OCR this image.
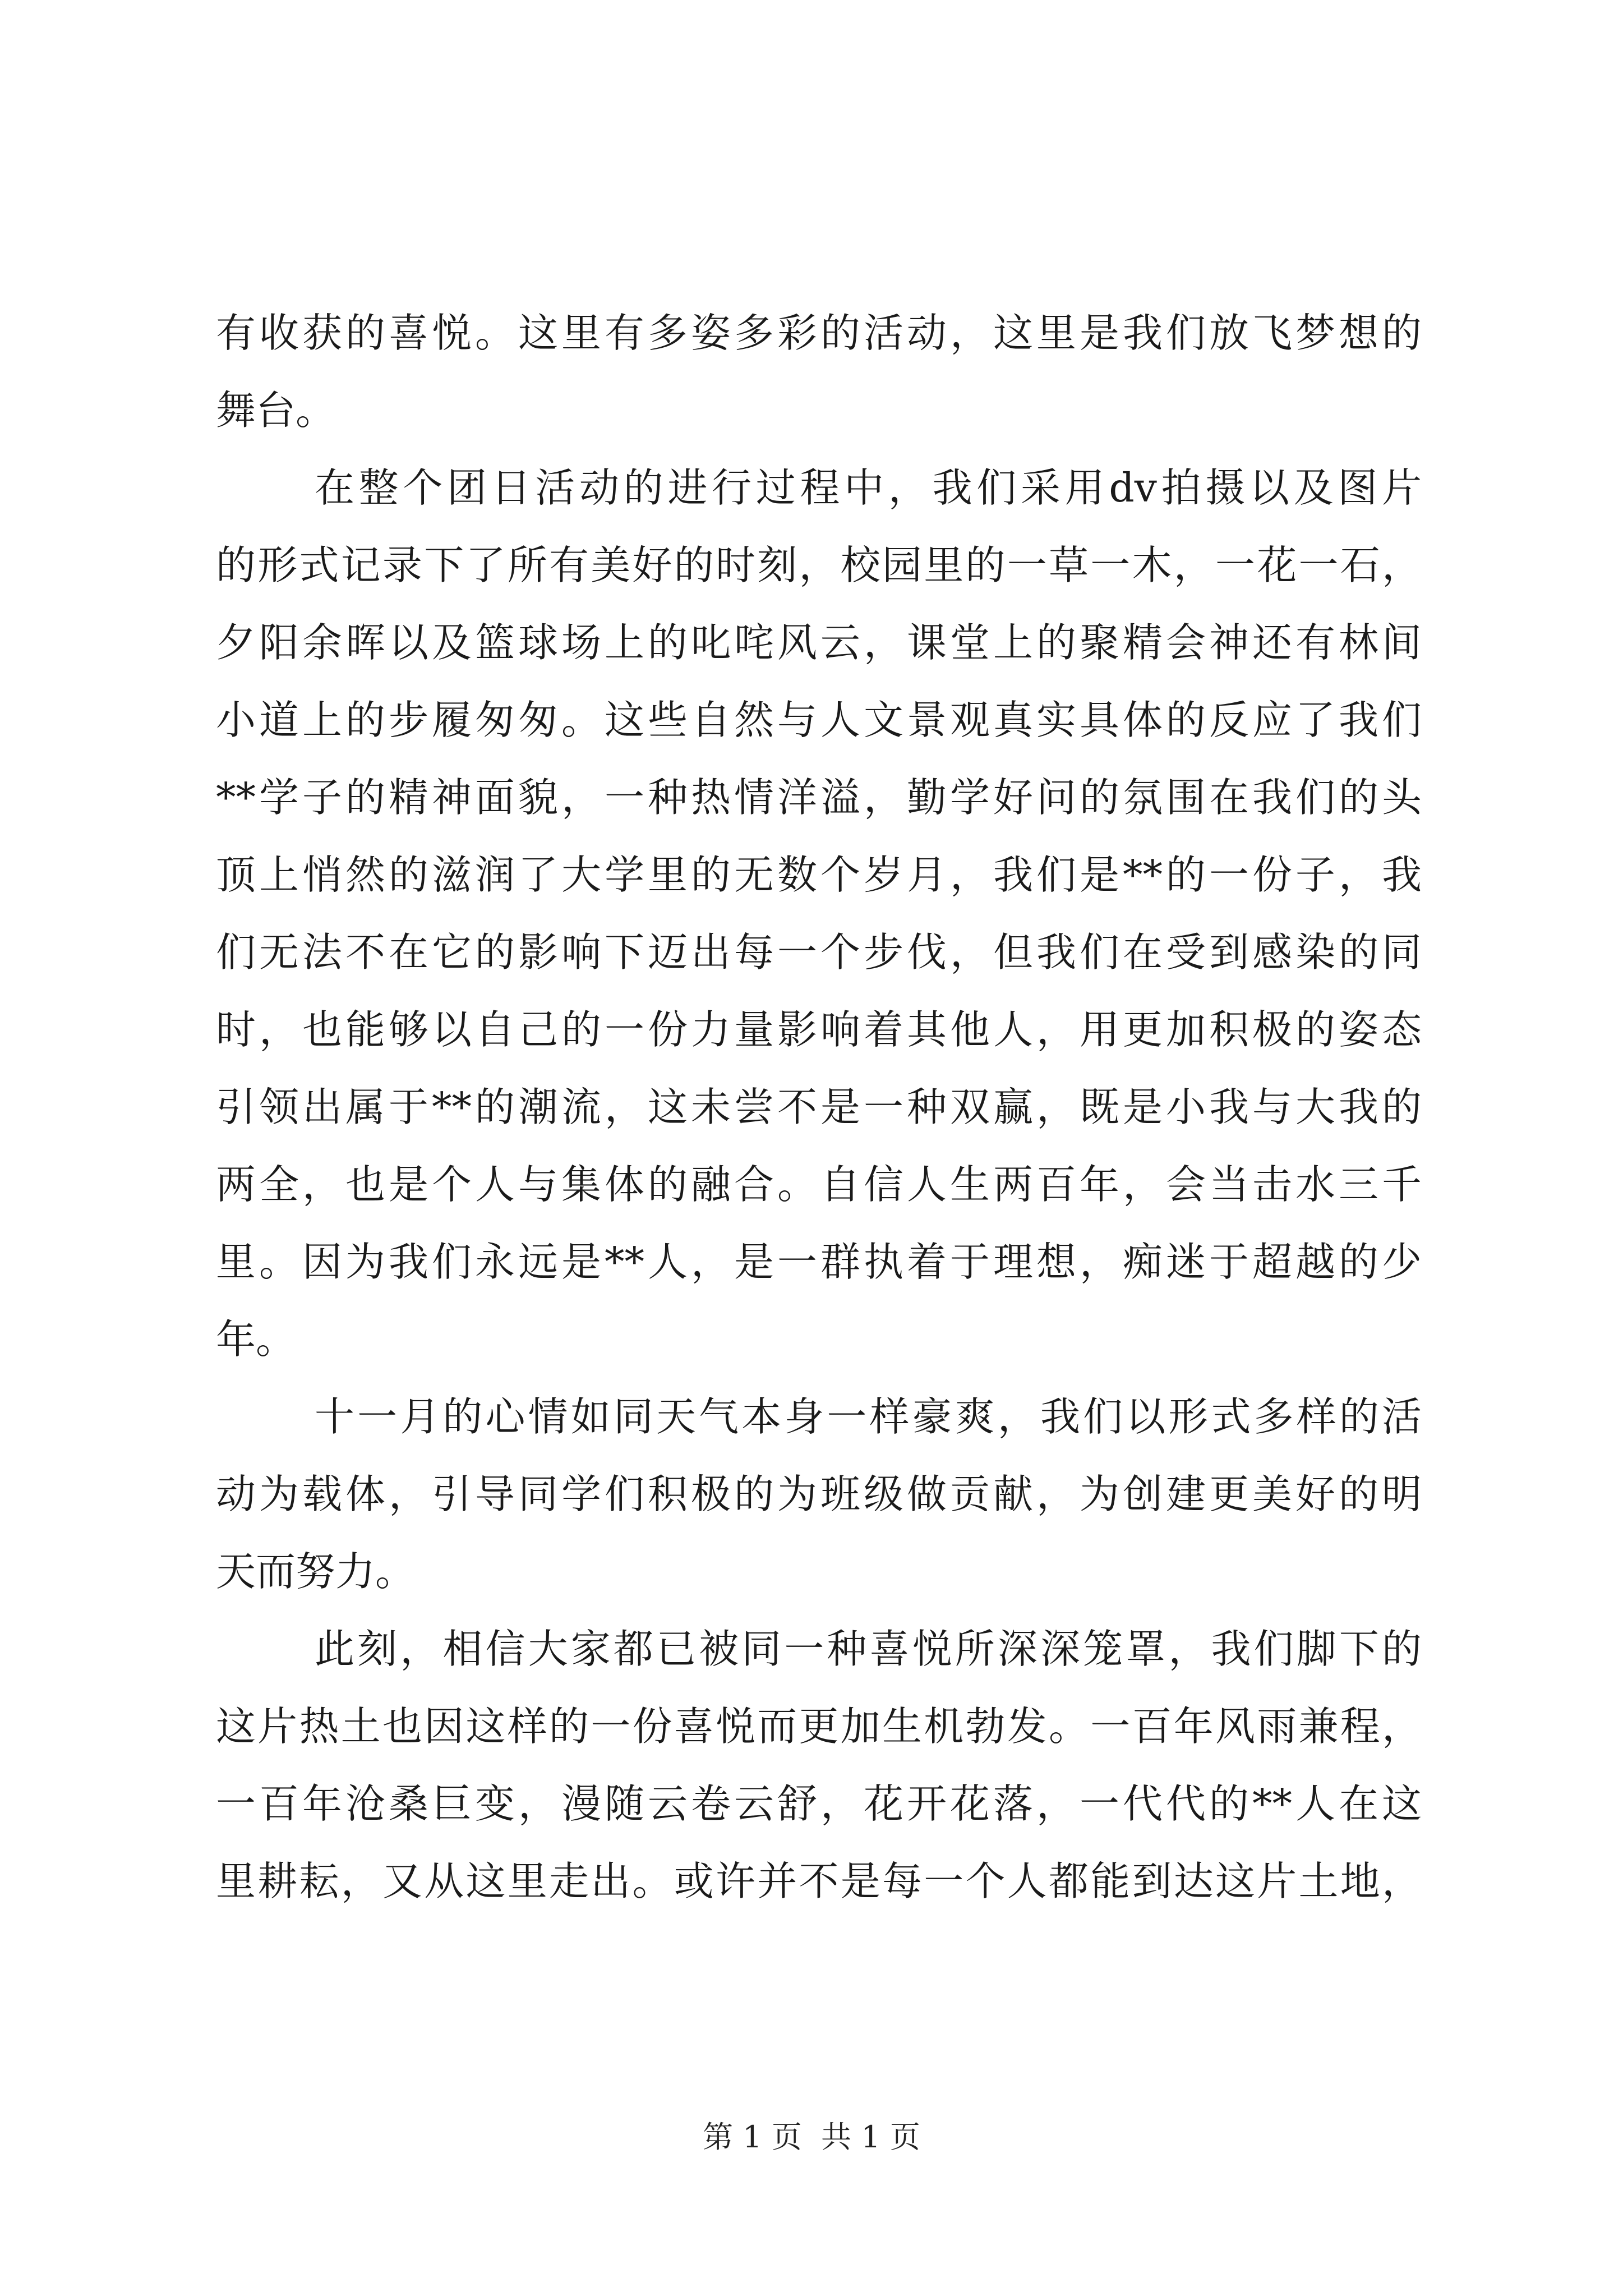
有收获的喜悦。这里有多姿多彩的活动，这里是我们放飞梦想的
舞台。
在整个团日活动的进行过程中，我们采用dv拍摄以及图片
的形式记录下了所有美好的时刻，校园里的一草一木，一花一石，
夕阳余晖以及篮球场上的叱咤风云，课堂上的聚精会神还有林间
小道上的步履匆匆。这些自然与人文景观真实具体的反应了我们
**学子的精神面貌，一种热情洋溢，勤学好问的氛围在我们的头
顶上悄然的滋润了大学里的无数个岁月，我们是**的一份子，我
们无法不在它的影响下迈出每一个步伐，但我们在受到感染的同
时，也能够以自己的一份力量影响着其他人，用更加积极的姿态
引领出属于**的潮流，这未尝不是一种双赢，既是小我与大我的
两全，也是个人与集体的融合。自信人生两百年，会当击水三千
里。因为我们永远是**人，是一群执着于理想，痴迷于超越的少
年。
十一月的心情如同天气本身一样豪爽，我们以形式多样的活
动为载体，引导同学们积极的为班级做贡献，为创建更美好的明
天而努力。
此刻，相信大家都已被同一种喜悦所深深笼罩，我们脚下的
这片热土也因这样的一份喜悦而更加生机勃发。一百年风雨兼程，
一百年沧桑巨变，漫随云卷云舒，花开花落，一代代的**人在这
里耕耘，又从这里走出。或许并不是每一个人都能到达这片土地，
第 1 页  共 1 页
